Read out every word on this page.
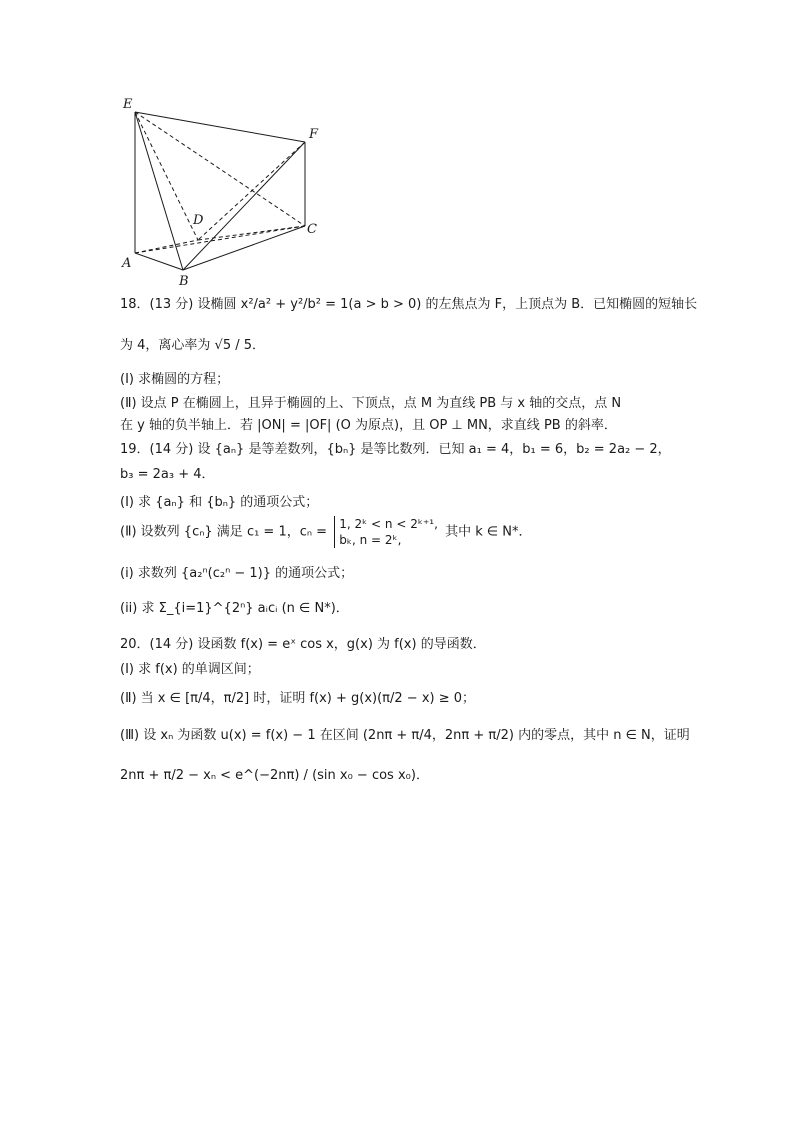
E
F
D
C
A
B
18．(13 分) 设椭圆 x²/a² + y²/b² = 1(a > b > 0) 的左焦点为 F，上顶点为 B．已知椭圆的短轴长
为 4，离心率为 √5 / 5．
(Ⅰ) 求椭圆的方程；
(Ⅱ) 设点 P 在椭圆上，且异于椭圆的上、下顶点，点 M 为直线 PB 与 x 轴的交点，点 N
在 y 轴的负半轴上．若 |ON| = |OF| (O 为原点)，且 OP ⊥ MN，求直线 PB 的斜率．
19．(14 分) 设 {aₙ} 是等差数列，{bₙ} 是等比数列．已知 a₁ = 4，b₁ = 6，b₂ = 2a₂ − 2，
b₃ = 2a₃ + 4．
(Ⅰ) 求 {aₙ} 和 {bₙ} 的通项公式；
(Ⅱ) 设数列 {cₙ} 满足 c₁ = 1，cₙ =
1, 2ᵏ < n < 2ᵏ⁺¹,
bₖ, n = 2ᵏ,
其中 k ∈ N*．
(i) 求数列 {a₂ⁿ(c₂ⁿ − 1)} 的通项公式；
(ii) 求 Σ_{i=1}^{2ⁿ} aᵢcᵢ (n ∈ N*)．
20．(14 分) 设函数 f(x) = eˣ cos x，g(x) 为 f(x) 的导函数．
(Ⅰ) 求 f(x) 的单调区间；
(Ⅱ) 当 x ∈ [π/4，π/2] 时，证明 f(x) + g(x)(π/2 − x) ≥ 0；
(Ⅲ) 设 xₙ 为函数 u(x) = f(x) − 1 在区间 (2nπ + π/4，2nπ + π/2) 内的零点，其中 n ∈ N，证明
2nπ + π/2 − xₙ < e^(−2nπ) / (sin x₀ − cos x₀)．
